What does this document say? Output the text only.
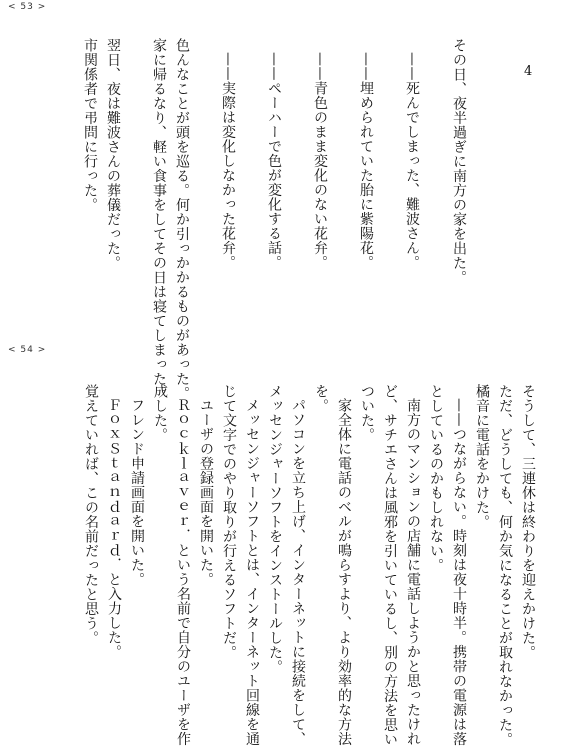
< 53 >
4
その日、夜半過ぎに南方の家を出た。
——死んでしまった、難波さん。
——埋められていた胎に紫陽花。
——青色のまま変化のない花弁。
——ペーハーで色が変化する話。
——実際は変化しなかった花弁。
色んなことが頭を巡る。何か引っかかるものがあった。
家に帰るなり、軽い食事をしてその日は寝てしまった。
翌日、夜は難波さんの葬儀だった。
市関係者で弔問に行った。
< 54 >
そうして、三連休は終わりを迎えかけた。
ただ、どうしても、何か気になることが取れなかった。
橘音に電話をかけた。
——つながらない。時刻は夜十時半。携帯の電源は落
としているのかもしれない。
南方のマンションの店舗に電話しようかと思ったけれ
ど、サチエさんは風邪を引いているし、別の方法を思い
ついた。
家全体に電話のベルが鳴らすより、より効率的な方法
を。
パソコンを立ち上げ、インターネットに接続をして、
メッセンジャーソフトをインストールした。
メッセンジャーソフトとは、インターネット回線を通
じて文字でのやり取りが行えるソフトだ。
ユーザの登録画面を開いた。
Ｒｏｃｋｌａｖｅｒ．という名前で自分のユーザを作
成した。
フレンド申請画面を開いた。
ＦｏｘＳｔａｎｄａｒｄ．と入力した。
覚えていれば、この名前だったと思う。
